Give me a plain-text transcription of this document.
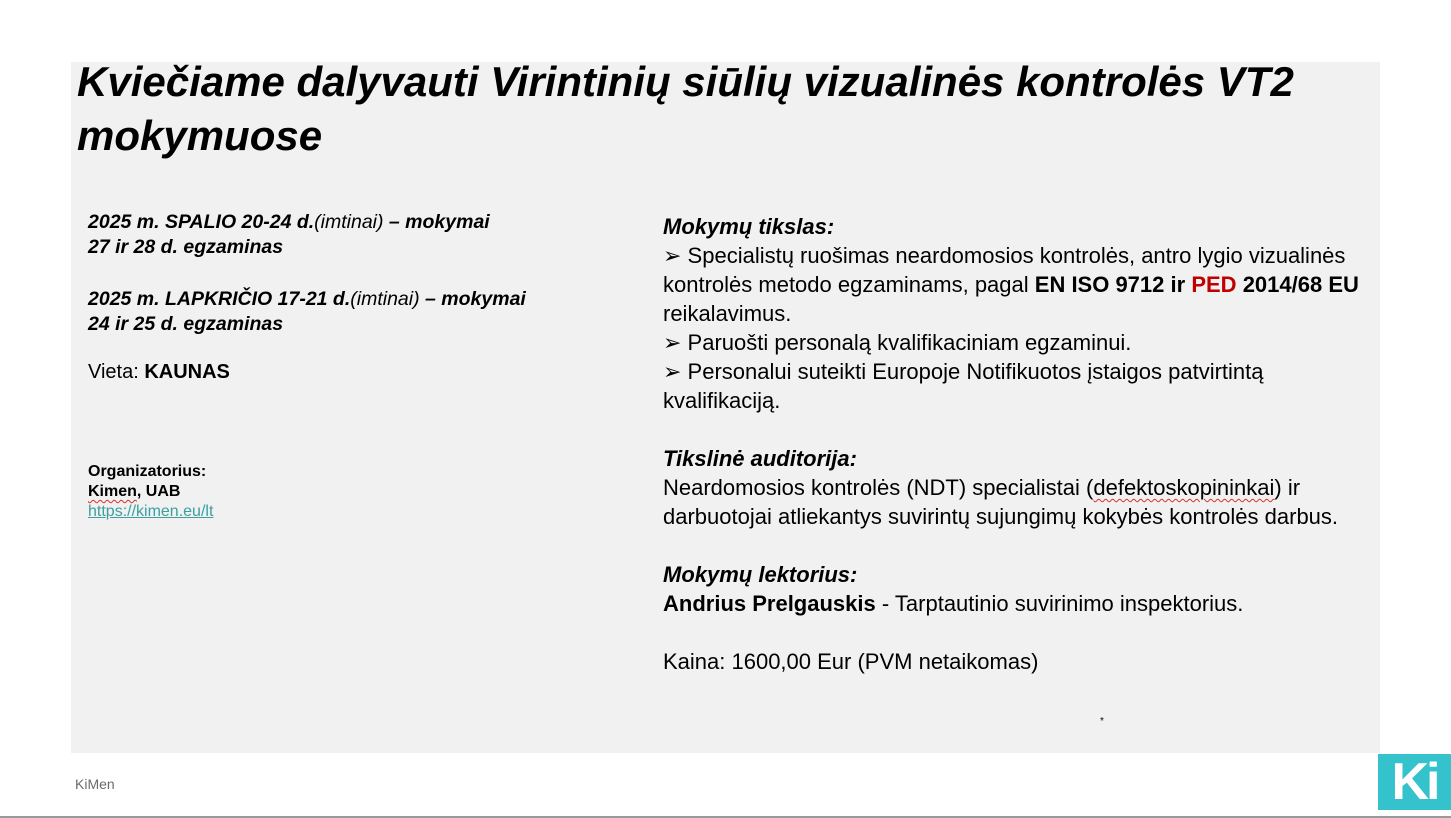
Kviečiame dalyvauti Virintinių siūlių vizualinės kontrolės VT2 mokymuose

2025 m. SPALIO 20-24 d.(imtinai) – mokymai
27 ir 28 d. egzaminas

2025 m. LAPKRIČIO 17-21 d.(imtinai) – mokymai
24 ir 25 d. egzaminas

Vieta: KAUNAS
Organizatorius:
Kimen, UAB
https://kimen.eu/lt

Mokymų tikslas:

➢ Specialistų ruošimas neardomosios kontrolės, antro lygio vizualinės kontrolės metodo egzaminams, pagal EN ISO 9712 ir PED 2014/68 EU reikalavimus.

➢ Paruošti personalą kvalifikaciniam egzaminui.

➢ Personalui suteikti Europoje Notifikuotos įstaigos patvirtintą kvalifikaciją.

Tikslinė auditorija:

Neardomosios kontrolės (NDT) specialistai (defektoskopininkai) ir darbuotojai atliekantys suvirintų sujungimų kokybės kontrolės darbus.

Mokymų lektorius:

Andrius Prelgauskis - Tarptautinio suvirinimo inspektorius.

Kaina: 1600,00 Eur (PVM netaikomas)

*
KiMen	Ki
